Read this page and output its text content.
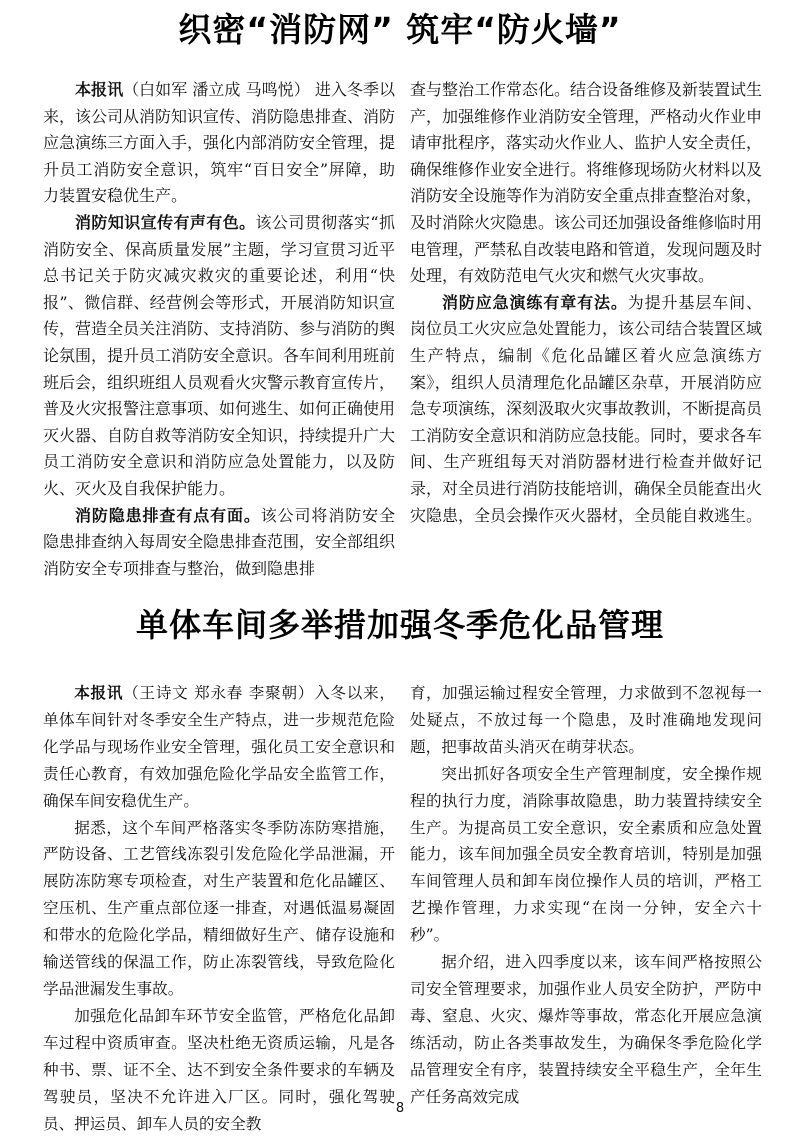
织密“消防网” 筑牢“防火墙”

本报讯（白如军 潘立成 马鸣悦） 进入冬季以来，该公司从消防知识宣传、消防隐患排查、消防应急演练三方面入手，强化内部消防安全管理，提升员工消防安全意识，筑牢“百日安全”屏障，助力装置安稳优生产。

消防知识宣传有声有色。该公司贯彻落实“抓消防安全、保高质量发展”主题，学习宣贯习近平总书记关于防灾减灾救灾的重要论述，利用“快报”、微信群、经营例会等形式，开展消防知识宣传，营造全员关注消防、支持消防、参与消防的舆论氛围，提升员工消防安全意识。各车间利用班前班后会，组织班组人员观看火灾警示教育宣传片，普及火灾报警注意事项、如何逃生、如何正确使用灭火器、自防自救等消防安全知识，持续提升广大员工消防安全意识和消防应急处置能力，以及防火、灭火及自我保护能力。

消防隐患排查有点有面。该公司将消防安全隐患排查纳入每周安全隐患排查范围，安全部组织消防安全专项排查与整治，做到隐患排

查与整治工作常态化。结合设备维修及新装置试生产，加强维修作业消防安全管理，严格动火作业申请审批程序，落实动火作业人、监护人安全责任，确保维修作业安全进行。将维修现场防火材料以及消防安全设施等作为消防安全重点排查整治对象，及时消除火灾隐患。该公司还加强设备维修临时用电管理，严禁私自改装电路和管道，发现问题及时处理，有效防范电气火灾和燃气火灾事故。

消防应急演练有章有法。为提升基层车间、岗位员工火灾应急处置能力，该公司结合装置区域生产特点，编制《危化品罐区着火应急演练方案》，组织人员清理危化品罐区杂草，开展消防应急专项演练，深刻汲取火灾事故教训，不断提高员工消防安全意识和消防应急技能。同时，要求各车间、生产班组每天对消防器材进行检查并做好记录，对全员进行消防技能培训，确保全员能查出火灾隐患，全员会操作灭火器材，全员能自救逃生。

单体车间多举措加强冬季危化品管理

本报讯（王诗文 郑永春 李聚朝）入冬以来，单体车间针对冬季安全生产特点，进一步规范危险化学品与现场作业安全管理，强化员工安全意识和责任心教育，有效加强危险化学品安全监管工作，确保车间安稳优生产。

据悉，这个车间严格落实冬季防冻防寒措施，严防设备、工艺管线冻裂引发危险化学品泄漏，开展防冻防寒专项检查，对生产装置和危化品罐区、空压机、生产重点部位逐一排查，对遇低温易凝固和带水的危险化学品，精细做好生产、储存设施和输送管线的保温工作，防止冻裂管线，导致危险化学品泄漏发生事故。

加强危化品卸车环节安全监管，严格危化品卸车过程中资质审查。坚决杜绝无资质运输，凡是各种书、票、证不全、达不到安全条件要求的车辆及驾驶员，坚决不允许进入厂区。同时，强化驾驶员、押运员、卸车人员的安全教

育，加强运输过程安全管理，力求做到不忽视每一处疑点，不放过每一个隐患，及时准确地发现问题，把事故苗头消灭在萌芽状态。

突出抓好各项安全生产管理制度，安全操作规程的执行力度，消除事故隐患，助力装置持续安全生产。为提高员工安全意识，安全素质和应急处置能力，该车间加强全员安全教育培训，特别是加强车间管理人员和卸车岗位操作人员的培训，严格工艺操作管理，力求实现“在岗一分钟，安全六十秒”。

据介绍，进入四季度以来，该车间严格按照公司安全管理要求，加强作业人员安全防护，严防中毒、窒息、火灾、爆炸等事故，常态化开展应急演练活动，防止各类事故发生，为确保冬季危险化学品管理安全有序，装置持续安全平稳生产，全年生产任务高效完成

8
